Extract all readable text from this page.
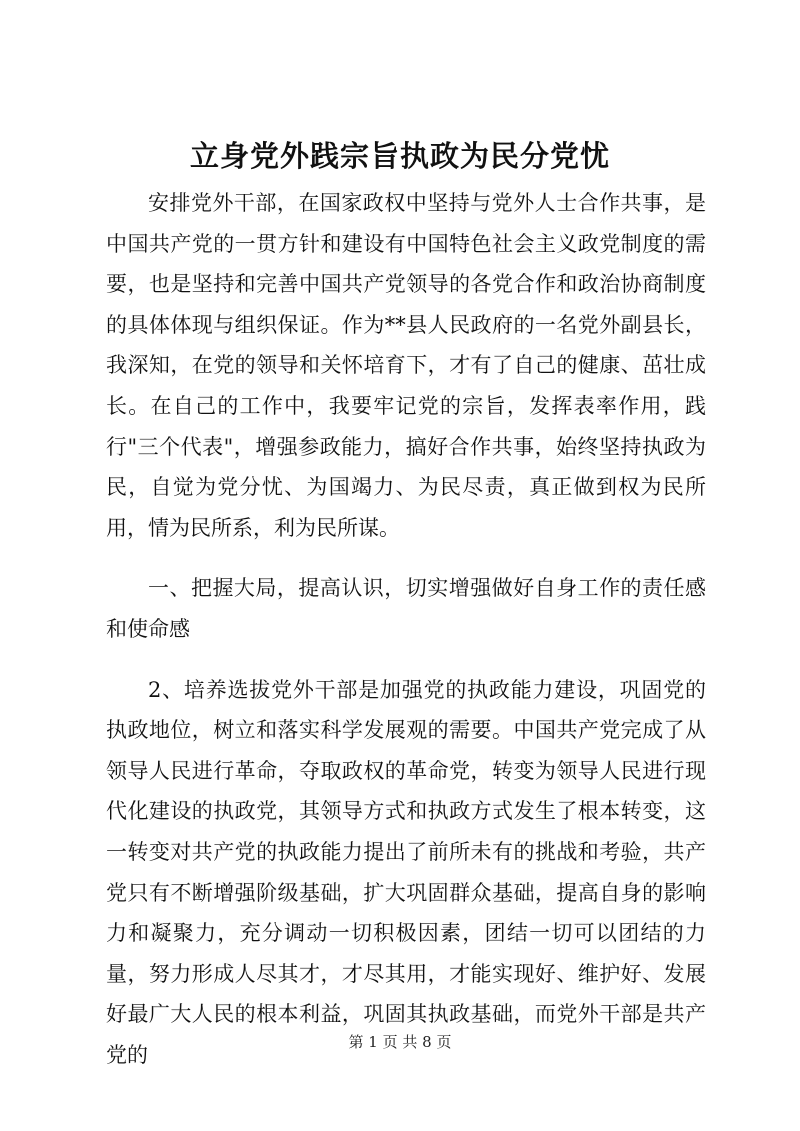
立身党外践宗旨执政为民分党忧

安排党外干部，在国家政权中坚持与党外人士合作共事，是中国共产党的一贯方针和建设有中国特色社会主义政党制度的需要，也是坚持和完善中国共产党领导的各党合作和政治协商制度的具体体现与组织保证。作为**县人民政府的一名党外副县长，我深知，在党的领导和关怀培育下，才有了自己的健康、茁壮成长。在自己的工作中，我要牢记党的宗旨，发挥表率作用，践行"三个代表"，增强参政能力，搞好合作共事，始终坚持执政为民，自觉为党分忧、为国竭力、为民尽责，真正做到权为民所用，情为民所系，利为民所谋。

一、把握大局，提高认识，切实增强做好自身工作的责任感和使命感

2、培养选拔党外干部是加强党的执政能力建设，巩固党的执政地位，树立和落实科学发展观的需要。中国共产党完成了从领导人民进行革命，夺取政权的革命党，转变为领导人民进行现代化建设的执政党，其领导方式和执政方式发生了根本转变，这一转变对共产党的执政能力提出了前所未有的挑战和考验，共产党只有不断增强阶级基础，扩大巩固群众基础，提高自身的影响力和凝聚力，充分调动一切积极因素，团结一切可以团结的力量，努力形成人尽其才，才尽其用，才能实现好、维护好、发展好最广大人民的根本利益，巩固其执政基础，而党外干部是共产党的

第 1 页 共 8 页
